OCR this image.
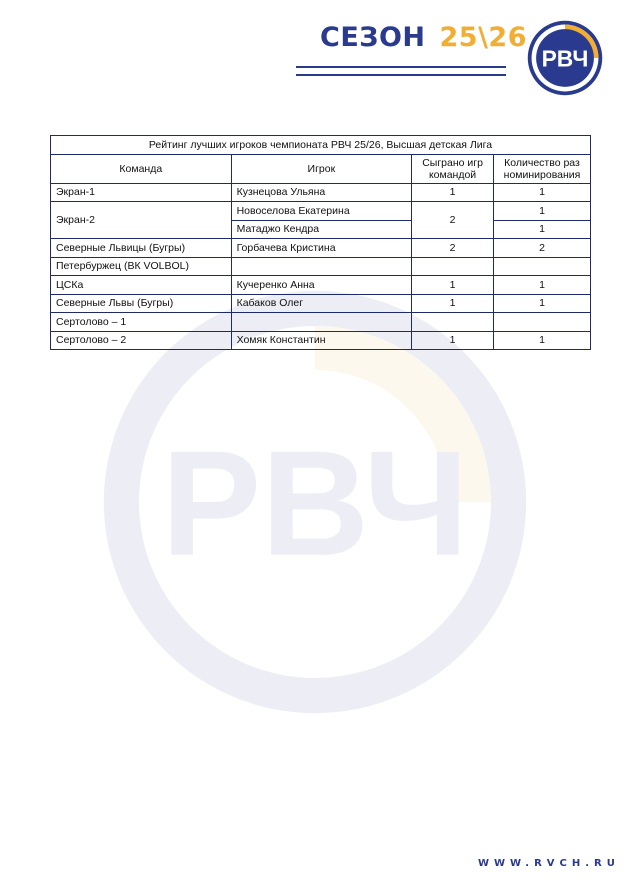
РВЧ
СЕЗОН 25\26
РВЧ
Рейтинг лучших игроков чемпионата РВЧ 25/26, Высшая детская Лига			
Команда	Игрок	Сыграно игр командой	Количество раз номинирования
Экран-1	Кузнецова Ульяна	1	1
Экран-2	Новоселова Екатерина	2	1
	Матаджо Кендра		1
Северные Львицы (Бугры)	Горбачева Кристина	2	2
Петербуржец (ВК VOLBOL)			
ЦСКа	Кучеренко Анна	1	1
Северные Львы (Бугры)	Кабаков Олег	1	1
Сертолово – 1			
Сертолово – 2	Хомяк Константин	1	1
WWW.RVCH.RU
